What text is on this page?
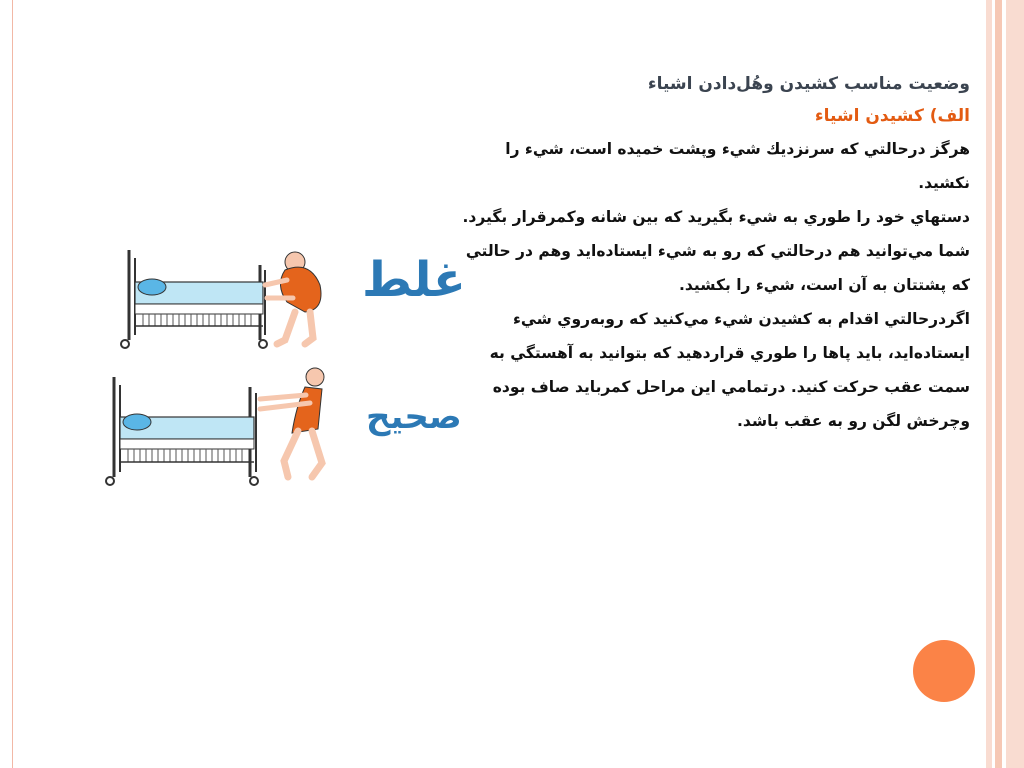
وضعيت مناسب كشيدن وهُل‌دادن اشياء
الف) كشيدن اشياء

هرگز درحالتي كه سرنزديك شيء وپشت خميده است، شيء را نكشيد.

دستهاي خود را طوري به شيء بگيريد كه بين شانه وكمرقرار بگيرد.

شما مي‌توانيد هم درحالتي كه رو به شيء ايستاده‌ايد وهم در حالتي كه پشتتان به آن است، شيء را بكشيد.

اگردرحالتي اقدام به كشيدن شيء مي‌كنيد كه روبه‌روي شيء ايستاده‌ايد، بايد پاها را طوري قراردهيد كه بتوانيد به آهستگي به سمت عقب حركت كنيد. درتمامي اين مراحل كمرباید صاف بوده وچرخش لگن رو به عقب باشد.

غلط
صحيح
